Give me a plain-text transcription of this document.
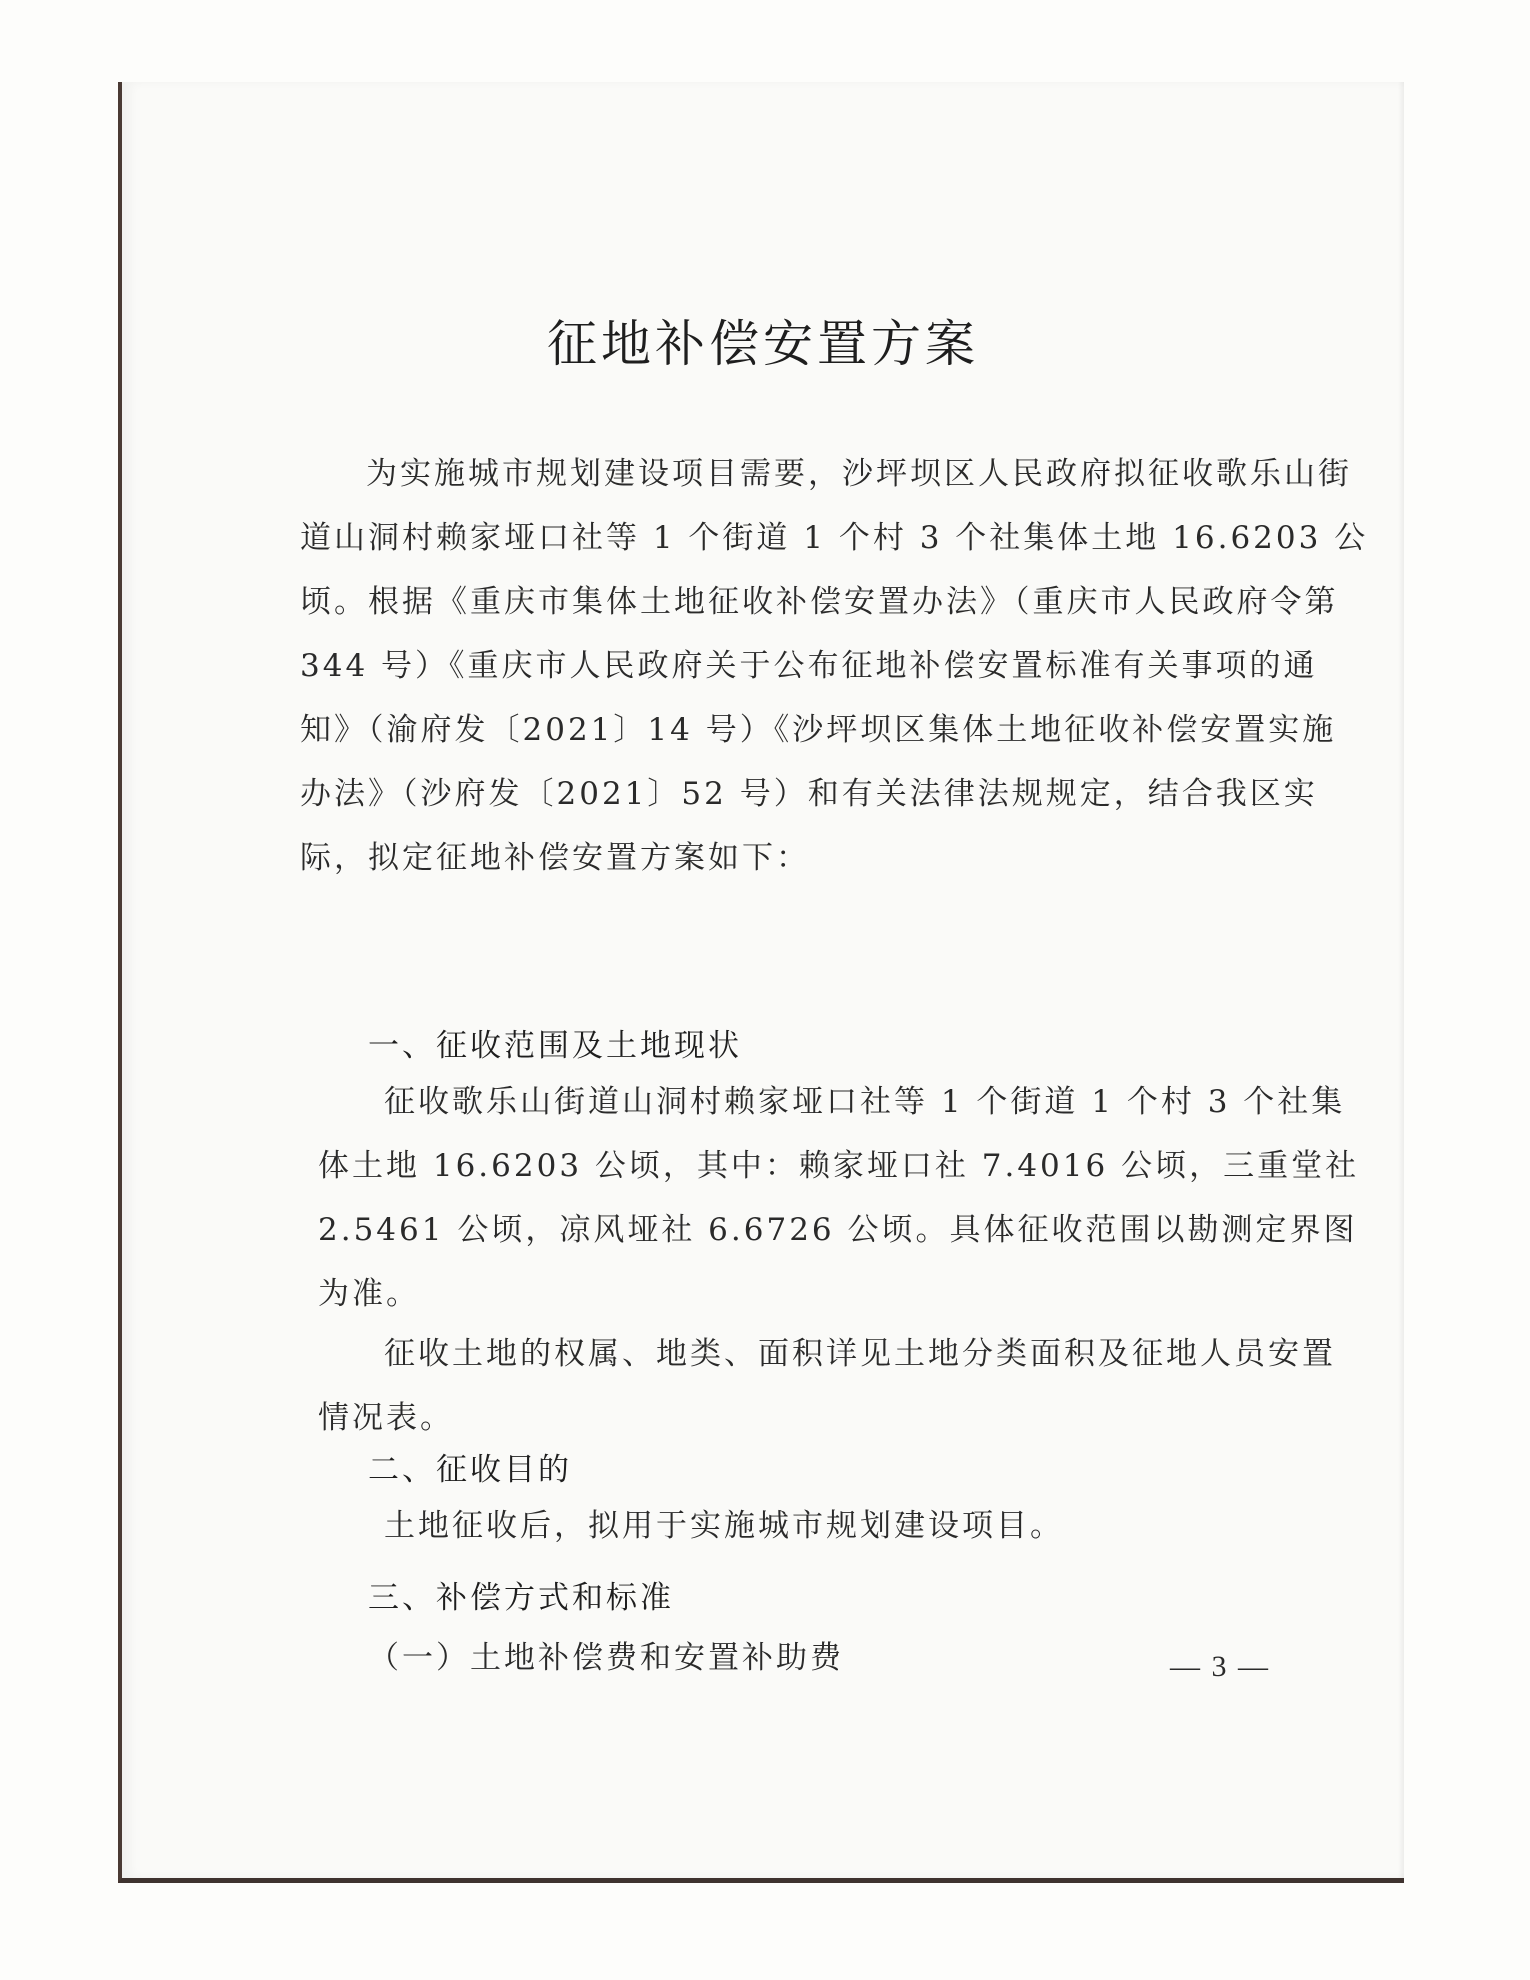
征地补偿安置方案

为实施城市规划建设项目需要，沙坪坝区人民政府拟征收歌乐山街道山洞村赖家垭口社等 1 个街道 1 个村 3 个社集体土地 16.6203 公顷。根据《重庆市集体土地征收补偿安置办法》（重庆市人民政府令第 344 号）《重庆市人民政府关于公布征地补偿安置标准有关事项的通知》（渝府发〔2021〕14 号）《沙坪坝区集体土地征收补偿安置实施办法》（沙府发〔2021〕52 号）和有关法律法规规定，结合我区实际，拟定征地补偿安置方案如下：

一、征收范围及土地现状

征收歌乐山街道山洞村赖家垭口社等 1 个街道 1 个村 3 个社集体土地 16.6203 公顷，其中：赖家垭口社 7.4016 公顷，三重堂社 2.5461 公顷，凉风垭社 6.6726 公顷。具体征收范围以勘测定界图为准。

征收土地的权属、地类、面积详见土地分类面积及征地人员安置情况表。

二、征收目的

土地征收后，拟用于实施城市规划建设项目。

三、补偿方式和标准

（一）土地补偿费和安置补助费	— 3 —
